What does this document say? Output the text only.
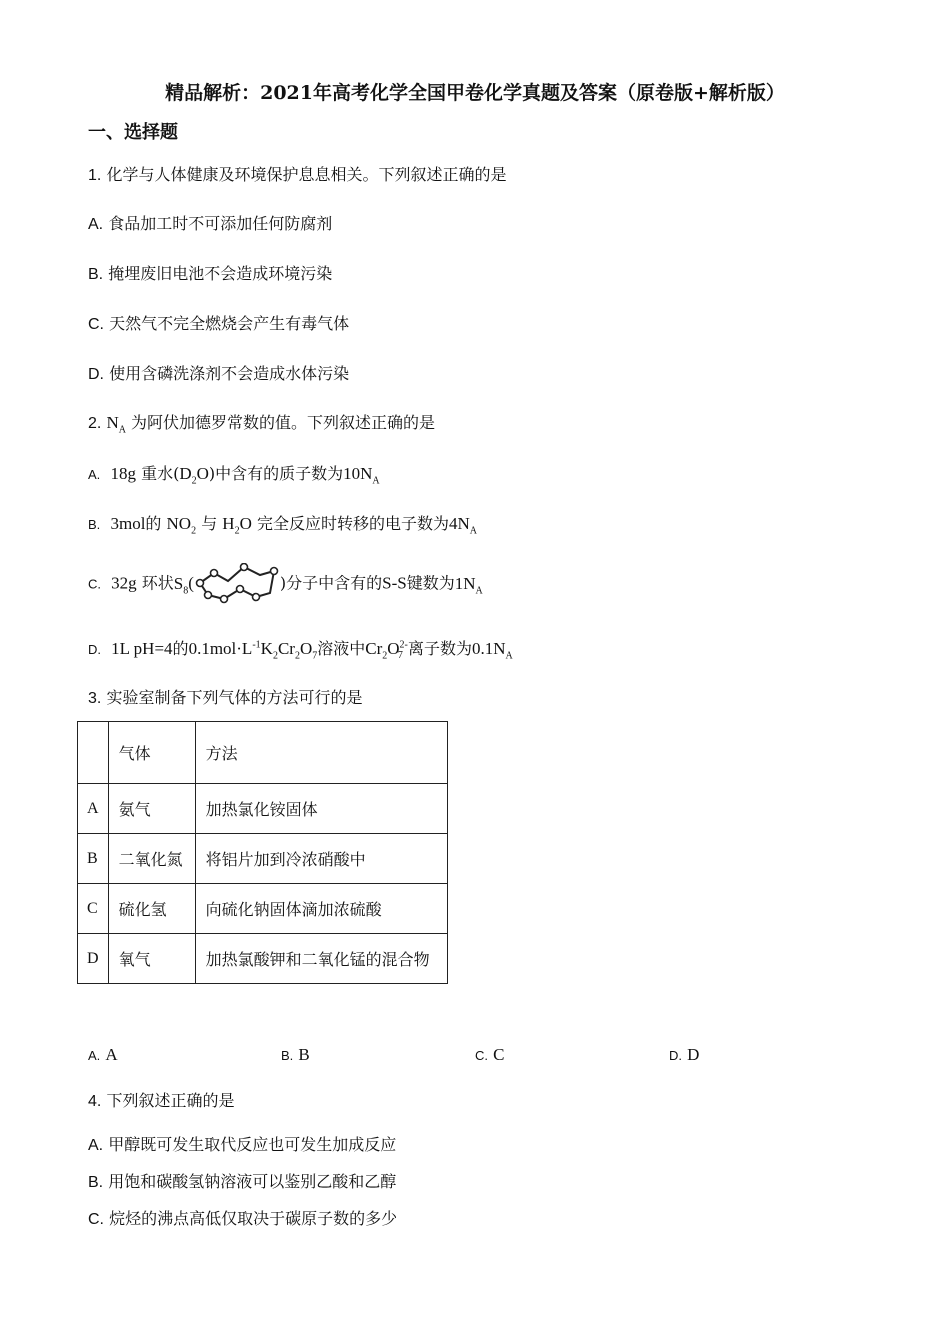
精品解析：2021年高考化学全国甲卷化学真题及答案（原卷版+解析版）
一、选择题
1. 化学与人体健康及环境保护息息相关。下列叙述正确的是
A. 食品加工时不可添加任何防腐剂
B. 掩埋废旧电池不会造成环境污染
C. 天然气不完全燃烧会产生有毒气体
D. 使用含磷洗涤剂不会造成水体污染
2. $N_A$ 为阿伏加德罗常数的值。下列叙述正确的是
A. 18g 重水$(D_2O)$中含有的质子数为$10N_A$
B. 3mol的 $NO_2$ 与 $H_2O$ 完全反应时转移的电子数为$4N_A$
C. 32g 环状$S_8$(	)分子中含有的S-S键数为$1N_A$
D. 1L pH=4的$0.1mol\cdot L^{-1}K_2Cr_2O_7$溶液中$Cr_2O^{2-}_7$ 离子数为$0.1N_A$
3. 实验室制备下列气体的方法可行的是
	气体	方法
A	氨气	加热氯化铵固体
B	二氧化氮	将铝片加到冷浓硝酸中
C	硫化氢	向硫化钠固体滴加浓硫酸
D	氧气	加热氯酸钾和二氧化锰的混合物
A. A	B. B	C. C	D. D
4. 下列叙述正确的是
A. 甲醇既可发生取代反应也可发生加成反应
B. 用饱和碳酸氢钠溶液可以鉴别乙酸和乙醇
C. 烷烃的沸点高低仅取决于碳原子数的多少
